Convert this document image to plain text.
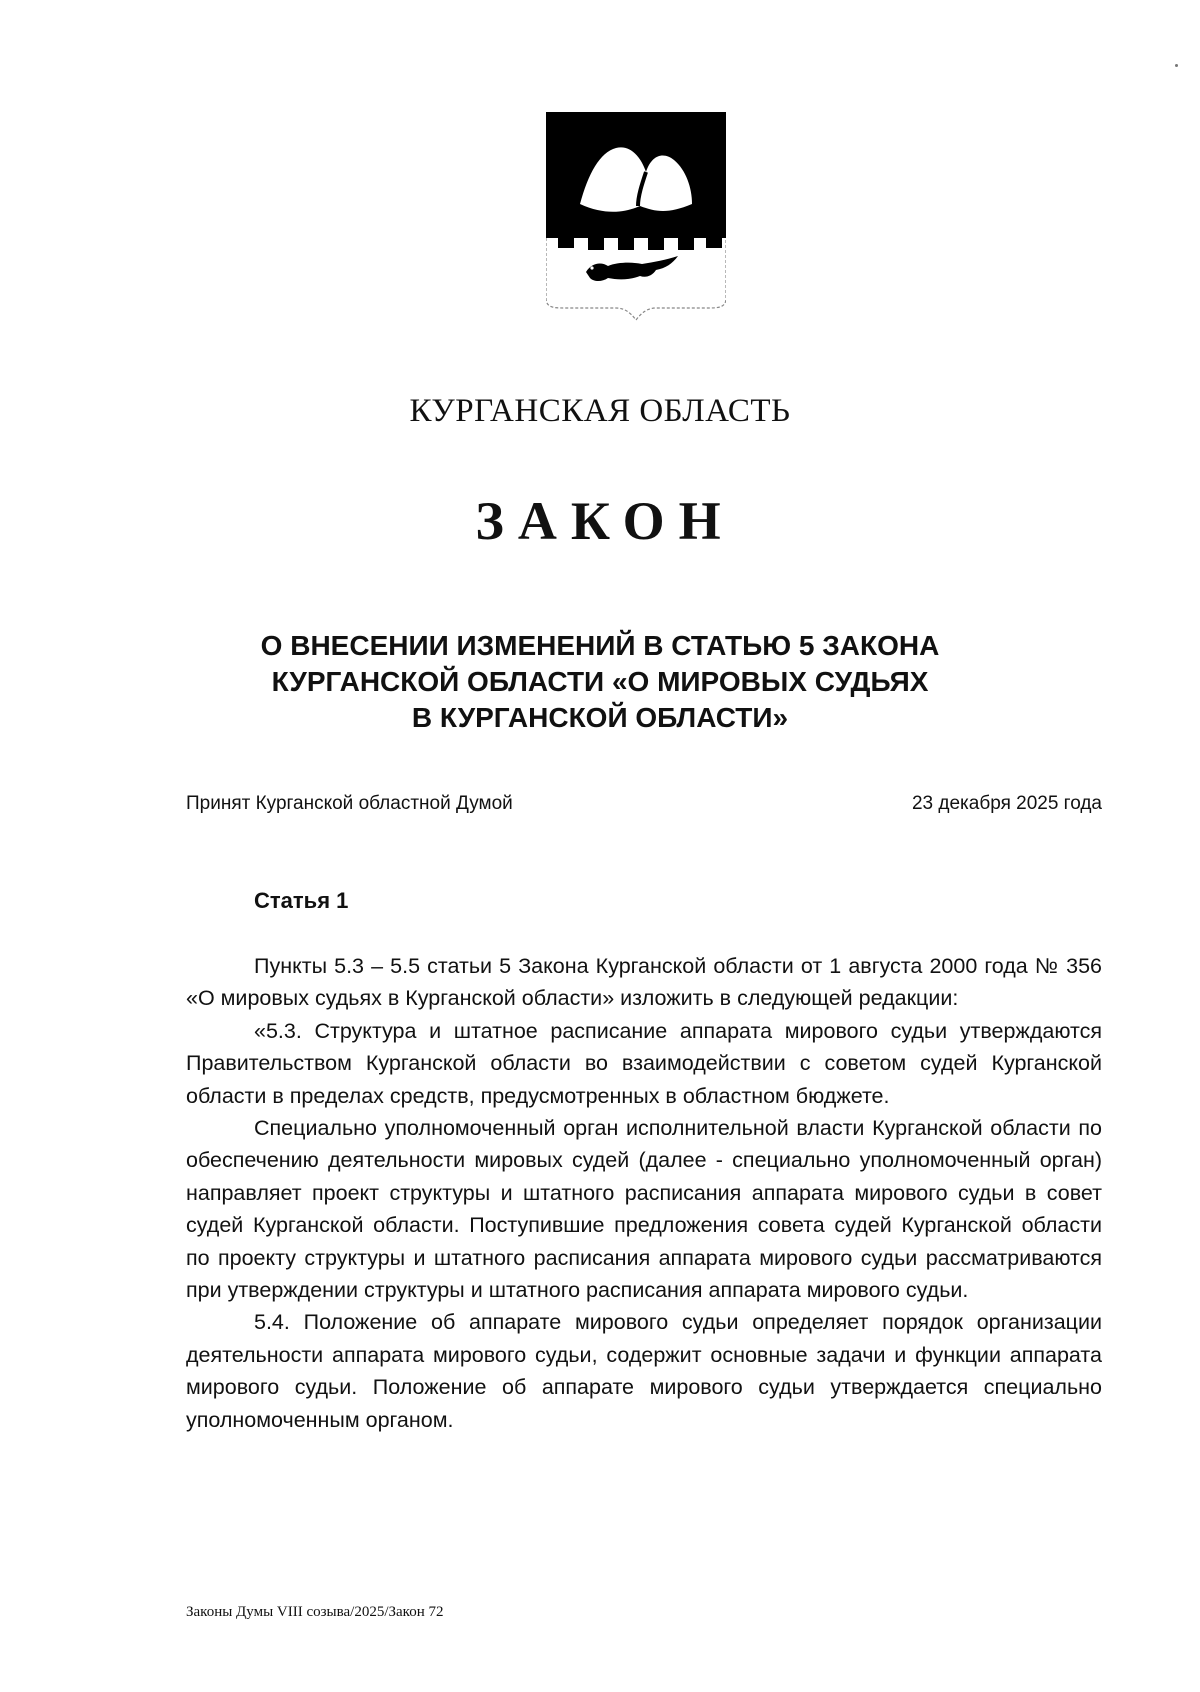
КУРГАНСКАЯ ОБЛАСТЬ
ЗАКОН
О ВНЕСЕНИИ ИЗМЕНЕНИЙ В СТАТЬЮ 5 ЗАКОНА
КУРГАНСКОЙ ОБЛАСТИ «О МИРОВЫХ СУДЬЯХ
В КУРГАНСКОЙ ОБЛАСТИ»
Принят Курганской областной Думой	23 декабря 2025 года
Статья 1

Пункты 5.3 – 5.5 статьи 5 Закона Курганской области от 1 августа 2000 года № 356 «О мировых судьях в Курганской области» изложить в следующей редакции:

«5.3. Структура и штатное расписание аппарата мирового судьи утверждаются Правительством Курганской области во взаимодействии с советом судей Курганской области в пределах средств, предусмотренных в областном бюджете.

Специально уполномоченный орган исполнительной власти Курганской области по обеспечению деятельности мировых судей (далее - специально уполномоченный орган) направляет проект структуры и штатного расписания аппарата мирового судьи в совет судей Курганской области. Поступившие предложения совета судей Курганской области по проекту структуры и штатного расписания аппарата мирового судьи рассматриваются при утверждении структуры и штатного расписания аппарата мирового судьи.

5.4. Положение об аппарате мирового судьи определяет порядок организации деятельности аппарата мирового судьи, содержит основные задачи и функции аппарата мирового судьи. Положение об аппарате мирового судьи утверждается специально уполномоченным органом.

Законы Думы VIII созыва/2025/Закон 72
